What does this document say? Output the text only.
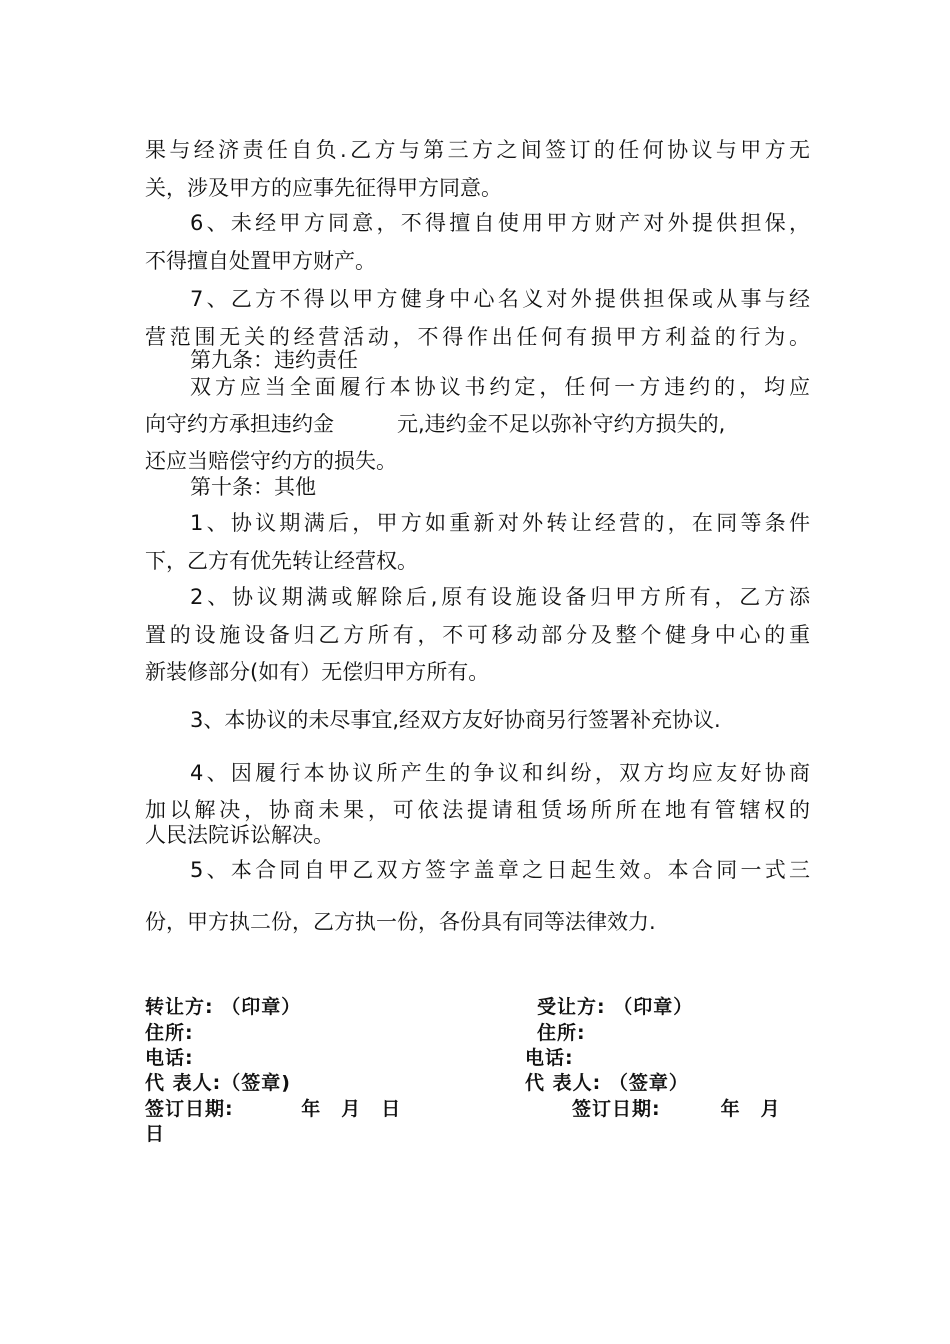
果与经济责任自负.乙方与第三方之间签订的任何协议与甲方无
关，涉及甲方的应事先征得甲方同意。
6、未经甲方同意，不得擅自使用甲方财产对外提供担保，
不得擅自处置甲方财产。
7、乙方不得以甲方健身中心名义对外提供担保或从事与经
营范围无关的经营活动，不得作出任何有损甲方利益的行为。
第九条：违约责任
双方应当全面履行本协议书约定，任何一方违约的，均应
向守约方承担违约金　　　元,违约金不足以弥补守约方损失的,
还应当赔偿守约方的损失。
第十条：其他
1、协议期满后，甲方如重新对外转让经营的，在同等条件
下，乙方有优先转让经营权。
2、协议期满或解除后,原有设施设备归甲方所有，乙方添
置的设施设备归乙方所有，不可移动部分及整个健身中心的重
新装修部分(如有）无偿归甲方所有。
3、本协议的未尽事宜,经双方友好协商另行签署补充协议.
4、因履行本协议所产生的争议和纠纷，双方均应友好协商
加以解决，协商未果，可依法提请租赁场所所在地有管辖权的
人民法院诉讼解决。
5、本合同自甲乙双方签字盖章之日起生效。本合同一式三
份，甲方执二份，乙方执一份，各份具有同等法律效力.
转让方: （印章）
住所:
电话:
代 表人:（签章)
签订日期:　　　 年　月　日
日
受让方: （印章）
住所:
电话:
代 表人: （签章）
签订日期:　　　年　月
